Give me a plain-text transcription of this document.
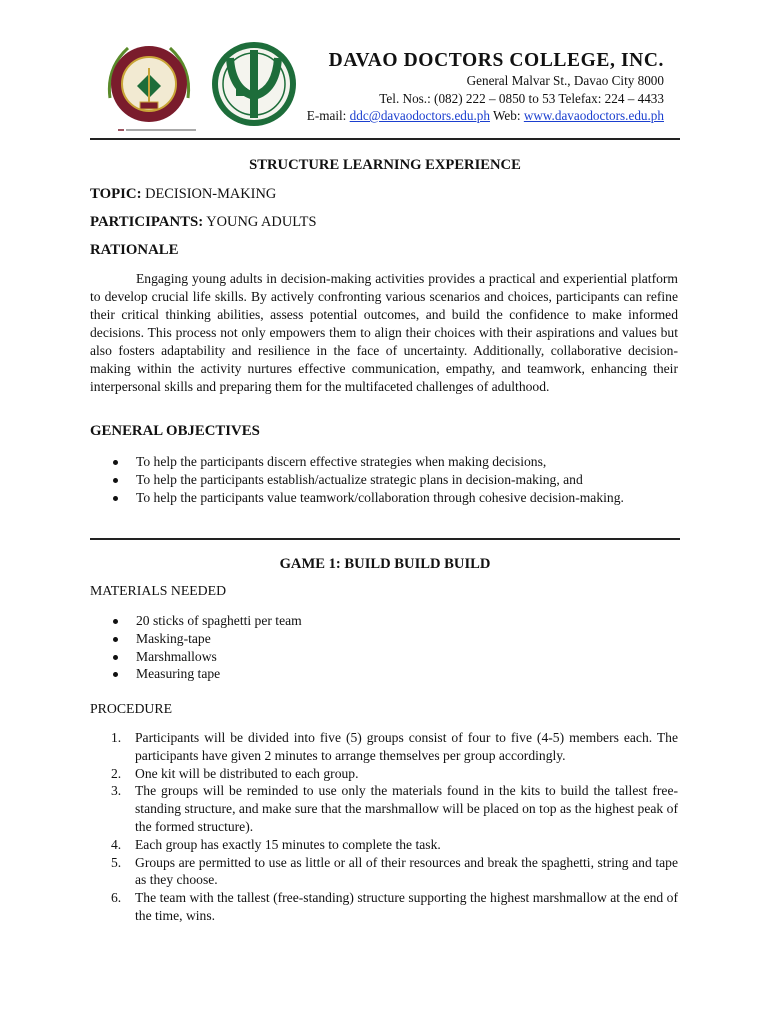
DAVAO DOCTORS COLLEGE, INC.
General Malvar St., Davao City 8000
Tel. Nos.: (082) 222 – 0850 to 53 Telefax: 224 – 4433
E-mail: ddc@davaodoctors.edu.ph Web: www.davaodoctors.edu.ph
STRUCTURE LEARNING EXPERIENCE
TOPIC: DECISION-MAKING
PARTICIPANTS: YOUNG ADULTS
RATIONALE
Engaging young adults in decision-making activities provides a practical and experiential platform to develop crucial life skills. By actively confronting various scenarios and choices, participants can refine their critical thinking abilities, assess potential outcomes, and build the confidence to make informed decisions. This process not only empowers them to align their choices with their aspirations and values but also fosters adaptability and resilience in the face of uncertainty. Additionally, collaborative decision-making within the activity nurtures effective communication, empathy, and teamwork, enhancing their interpersonal skills and preparing them for the multifaceted challenges of adulthood.
GENERAL OBJECTIVES
To help the participants discern effective strategies when making decisions,
To help the participants establish/actualize strategic plans in decision-making, and
To help the participants value teamwork/collaboration through cohesive decision-making.
GAME 1: BUILD BUILD BUILD
MATERIALS NEEDED
20 sticks of spaghetti per team
Masking-tape
Marshmallows
Measuring tape
PROCEDURE
1. Participants will be divided into five (5) groups consist of four to five (4-5) members each. The participants have given 2 minutes to arrange themselves per group accordingly.
2. One kit will be distributed to each group.
3. The groups will be reminded to use only the materials found in the kits to build the tallest free-standing structure, and make sure that the marshmallow will be placed on top as the highest peak of the formed structure).
4. Each group has exactly 15 minutes to complete the task.
5. Groups are permitted to use as little or all of their resources and break the spaghetti, string and tape as they choose.
6. The team with the tallest (free-standing) structure supporting the highest marshmallow at the end of the time, wins.
